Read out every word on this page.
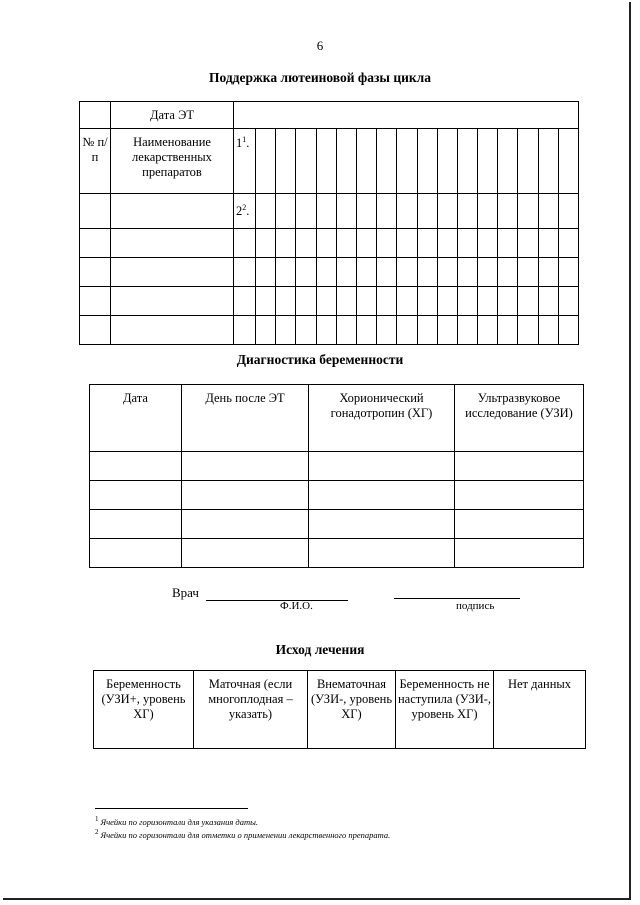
6
Поддержка лютеиновой фазы цикла
	Дата ЭТ																	
№ п/п	Наименование лекарственных препаратов	$1^1$.																
		$2^2$.																

Диагностика беременности
Дата	День после ЭТ	Хорионический гонадотропин (ХГ)	Ультразвуковое исследование (УЗИ)

Врач
Ф.И.О.	подпись
Исход лечения
Беременность (УЗИ+, уровень ХГ)	Маточная (если многоплодная – указать)	Внематочная (УЗИ-, уровень ХГ)	Беременность не наступила (УЗИ-, уровень ХГ)	Нет данных
$^1$ Ячейки по горизонтали для указания даты.
$^2$ Ячейки по горизонтали для отметки о применении лекарственного препарата.
